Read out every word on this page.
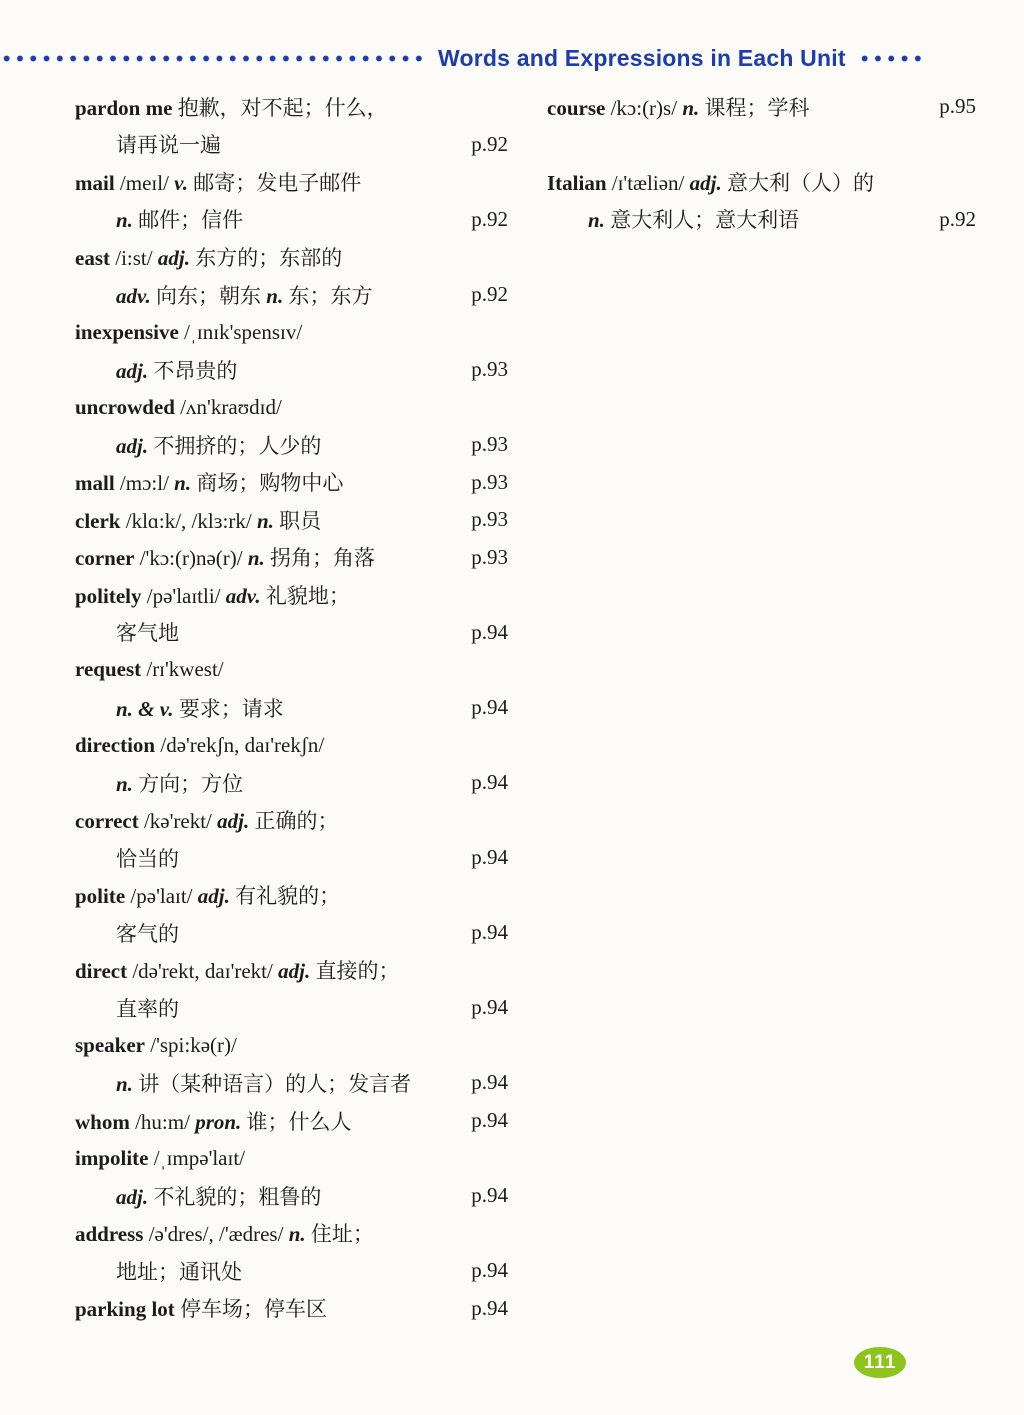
Words and Expressions in Each Unit
pardon me 抱歉，对不起；什么，
请再说一遍	p.92
mail /meɪl/ v. 邮寄；发电子邮件
n. 邮件；信件	p.92
east /i:st/ adj. 东方的；东部的
adv. 向东；朝东 n. 东；东方	p.92
inexpensive /ˌɪnɪk'spensɪv/
adj. 不昂贵的	p.93
uncrowded /ʌn'kraʊdɪd/
adj. 不拥挤的；人少的	p.93
mall /mɔ:l/ n. 商场；购物中心	p.93
clerk /klɑ:k/, /klɜ:rk/ n. 职员	p.93
corner /'kɔ:(r)nə(r)/ n. 拐角；角落	p.93
politely /pə'laɪtli/ adv. 礼貌地；
客气地	p.94
request /rɪ'kwest/
n. & v. 要求；请求	p.94
direction /də'rekʃn, daɪ'rekʃn/
n. 方向；方位	p.94
correct /kə'rekt/ adj. 正确的；
恰当的	p.94
polite /pə'laɪt/ adj. 有礼貌的；
客气的	p.94
direct /də'rekt, daɪ'rekt/ adj. 直接的；
直率的	p.94
speaker /'spi:kə(r)/
n. 讲（某种语言）的人；发言者	p.94
whom /hu:m/ pron. 谁；什么人	p.94
impolite /ˌɪmpə'laɪt/
adj. 不礼貌的；粗鲁的	p.94
address /ə'dres/, /'ædres/ n. 住址；
地址；通讯处	p.94
parking lot 停车场；停车区	p.94
course /kɔ:(r)s/ n. 课程；学科	p.95
Italian /ɪ'tæliən/ adj. 意大利（人）的
n. 意大利人；意大利语	p.92
111
